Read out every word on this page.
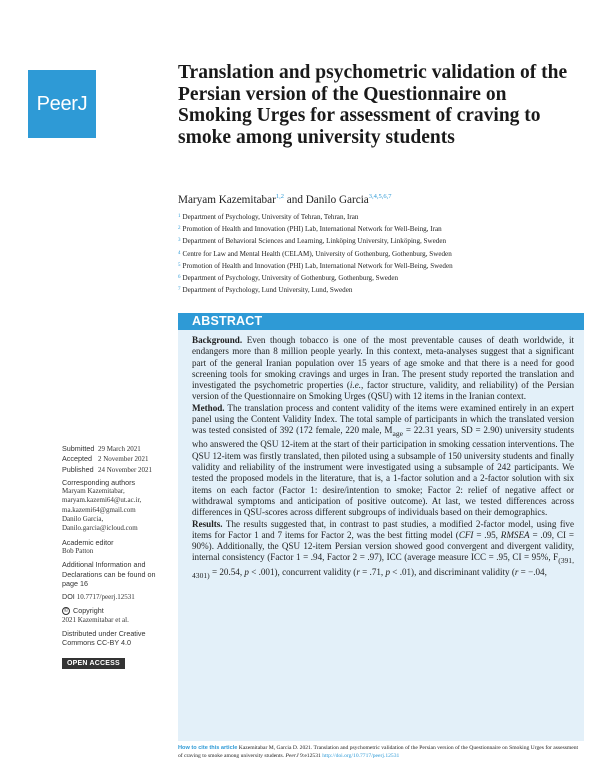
PeerJ
Translation and psychometric validation of the Persian version of the Questionnaire on Smoking Urges for assessment of craving to smoke among university students
Maryam Kazemitabar$^{1,2}$ and Danilo Garcia$^{3,4,5,6,7}$
$^1$ Department of Psychology, University of Tehran, Tehran, Iran
$^2$ Promotion of Health and Innovation (PHI) Lab, International Network for Well-Being, Iran
$^3$ Department of Behavioral Sciences and Learning, Linköping University, Linköping, Sweden
$^4$ Centre for Law and Mental Health (CELAM), University of Gothenburg, Gothenburg, Sweden
$^5$ Promotion of Health and Innovation (PHI) Lab, International Network for Well-Being, Sweden
$^6$ Department of Psychology, University of Gothenburg, Gothenburg, Sweden
$^7$ Department of Psychology, Lund University, Lund, Sweden
ABSTRACT

Background. Even though tobacco is one of the most preventable causes of death worldwide, it endangers more than 8 million people yearly. In this context, meta-analyses suggest that a significant part of the general Iranian population over 15 years of age smoke and that there is a need for good screening tools for smoking cravings and urges in Iran. The present study reported the translation and investigated the psychometric properties (i.e., factor structure, validity, and reliability) of the Persian version of the Questionnaire on Smoking Urges (QSU) with 12 items in the Iranian context.

Method. The translation process and content validity of the items were examined entirely in an expert panel using the Content Validity Index. The total sample of participants in which the translated version was tested consisted of 392 (172 female, 220 male, $M_{age} = 22.31$ years, SD = 2.90) university students who answered the QSU 12-item at the start of their participation in smoking cessation interventions. The QSU 12-item was firstly translated, then piloted using a subsample of 150 university students and finally validity and reliability of the instrument were investigated using a subsample of 242 participants. We tested the proposed models in the literature, that is, a 1-factor solution and a 2-factor solution with six items on each factor (Factor 1: desire/intention to smoke; Factor 2: relief of negative affect or withdrawal symptoms and anticipation of positive outcome). At last, we tested differences across differences in QSU-scores across different subgroups of individuals based on their demographics.

Results. The results suggested that, in contrast to past studies, a modified 2-factor model, using five items for Factor 1 and 7 items for Factor 2, was the best fitting model (CFI = .95, RMSEA = .09, CI = 90%). Additionally, the QSU 12-item Persian version showed good convergent and divergent validity, internal consistency (Factor 1 = .94, Factor 2 = .97), ICC (average measure ICC = .95, CI = 95%, $F_{(391, 4301)} = 20.54$, p < .001), concurrent validity (r = .71, p < .01), and discriminant validity (r = −.04,

Submitted 29 March 2021
Accepted 2 November 2021
Published 24 November 2021
Corresponding authors
Maryam Kazemitabar,
maryam.kazemi64@ut.ac.ir,
ma.kazemi64@gmail.com
Danilo Garcia,
Danilo.garcia@icloud.com
Academic editor
Bob Patton
Additional Information and Declarations can be found on page 16
DOI 10.7717/peerj.12531
© Copyright
2021 Kazemitabar et al.
Distributed under Creative Commons CC-BY 4.0
OPEN ACCESS
How to cite this article Kazemitabar M, Garcia D. 2021. Translation and psychometric validation of the Persian version of the Questionnaire on Smoking Urges for assessment of craving to smoke among university students. PeerJ 9:e12531 http://doi.org/10.7717/peerj.12531
